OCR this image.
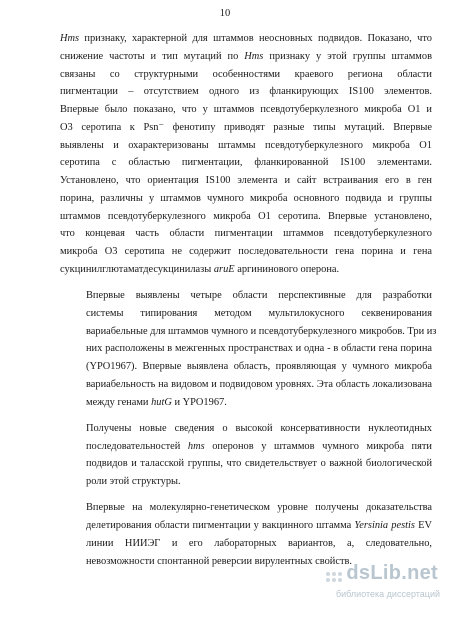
10

Hms признаку, характерной для штаммов неосновных подвидов. Показано, что
снижение частоты и тип мутаций по Hms признаку у этой группы штаммов
связаны со структурными особенностями краевого региона области
пигментации – отсутствием одного из фланкирующих IS100 элементов.
Впервые было показано, что у штаммов псевдотуберкулезного микроба О1 и
О3 серотипа к Psn⁻ фенотипу приводят разные типы мутаций. Впервые
выявлены и охарактеризованы штаммы псевдотуберкулезного микроба О1
серотипа с областью пигментации, фланкированной IS100 элементами.
Установлено, что ориентация IS100 элемента и сайт встраивания его в ген
порина, различны у штаммов чумного микроба основного подвида и группы
штаммов псевдотуберкулезного микроба О1 серотипа. Впервые установлено,
что концевая часть области пигментации штаммов псевдотуберкулезного
микроба О3 серотипа не содержит последовательности гена порина и гена
сукцинилглютаматдесукцинилазы aruE аргининового оперона.

Впервые выявлены четыре области перспективные для разработки
системы типирования методом мультилокусного секвенирования
вариабельные для штаммов чумного и псевдотуберкулезного микробов. Три из
них расположены в межгенных пространствах и одна - в области гена порина
(YPO1967). Впервые выявлена область, проявляющая у чумного микроба
вариабельность на видовом и подвидовом уровнях. Эта область локализована
между генами hutG и YPO1967.

Получены новые сведения о высокой консервативности нуклеотидных
последовательностей hms оперонов у штаммов чумного микроба пяти
подвидов и таласской группы, что свидетельствует о важной биологической
роли этой структуры.

Впервые на молекулярно-генетическом уровне получены доказательства
делетирования области пигментации у вакцинного штамма Yersinia pestis EV
линии НИИЭГ и его лабораторных вариантов, а, следовательно,
невозможности спонтанной реверсии вирулентных свойств.

dsLib.net
библиотека диссертаций
